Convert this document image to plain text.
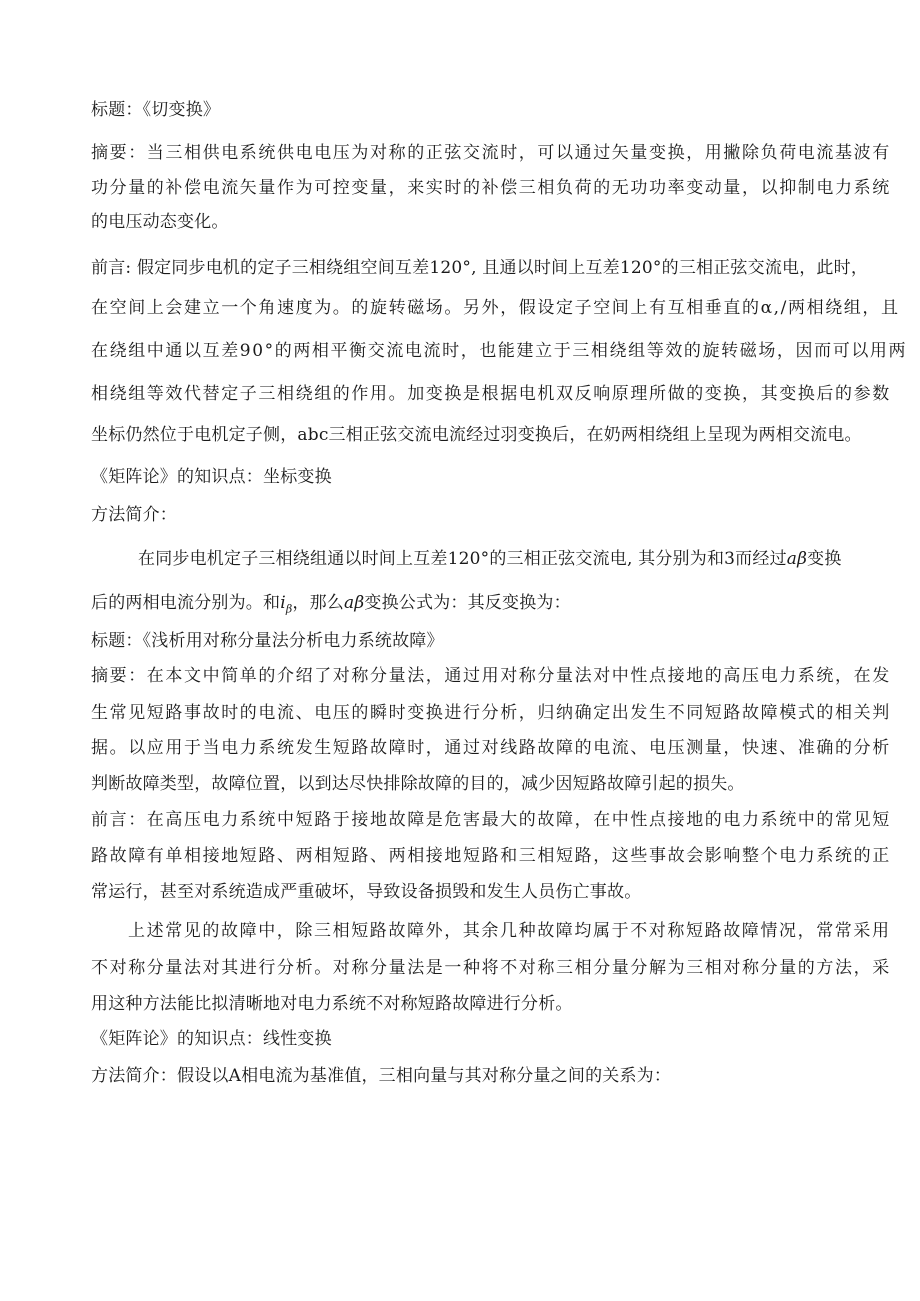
标题：《切变换》
摘要：当三相供电系统供电电压为对称的正弦交流时，可以通过矢量变换，用撇除负荷电流基波有
功分量的补偿电流矢量作为可控变量，来实时的补偿三相负荷的无功功率变动量，以抑制电力系统
的电压动态变化。
前言: 假定同步电机的定子三相绕组空间互差120°, 且通以时间上互差120°的三相正弦交流电，此时，
在空间上会建立一个角速度为。的旋转磁场。另外，假设定子空间上有互相垂直的α,/两相绕组，且
在绕组中通以互差90°的两相平衡交流电流时，也能建立于三相绕组等效的旋转磁场，因而可以用两
相绕组等效代替定子三相绕组的作用。加变换是根据电机双反响原理所做的变换，其变换后的参数
坐标仍然位于电机定子侧，abc三相正弦交流电流经过羽变换后，在奶两相绕组上呈现为两相交流电。
《矩阵论》的知识点：坐标变换
方法简介：
在同步电机定子三相绕组通以时间上互差120°的三相正弦交流电, 其分别为和3而经过aβ变换
后的两相电流分别为。和$i_\beta$，那么aβ变换公式为：其反变换为：
标题：《浅析用对称分量法分析电力系统故障》
摘要：在本文中简单的介绍了对称分量法，通过用对称分量法对中性点接地的高压电力系统，在发
生常见短路事故时的电流、电压的瞬时变换进行分析，归纳确定出发生不同短路故障模式的相关判
据。以应用于当电力系统发生短路故障时，通过对线路故障的电流、电压测量，快速、准确的分析
判断故障类型，故障位置，以到达尽快排除故障的目的，减少因短路故障引起的损失。
前言：在高压电力系统中短路于接地故障是危害最大的故障，在中性点接地的电力系统中的常见短
路故障有单相接地短路、两相短路、两相接地短路和三相短路，这些事故会影响整个电力系统的正
常运行，甚至对系统造成严重破坏，导致设备损毁和发生人员伤亡事故。
上述常见的故障中，除三相短路故障外，其余几种故障均属于不对称短路故障情况，常常采用
不对称分量法对其进行分析。对称分量法是一种将不对称三相分量分解为三相对称分量的方法，采
用这种方法能比拟清晰地对电力系统不对称短路故障进行分析。
《矩阵论》的知识点：线性变换
方法简介：假设以A相电流为基准值，三相向量与其对称分量之间的关系为：
